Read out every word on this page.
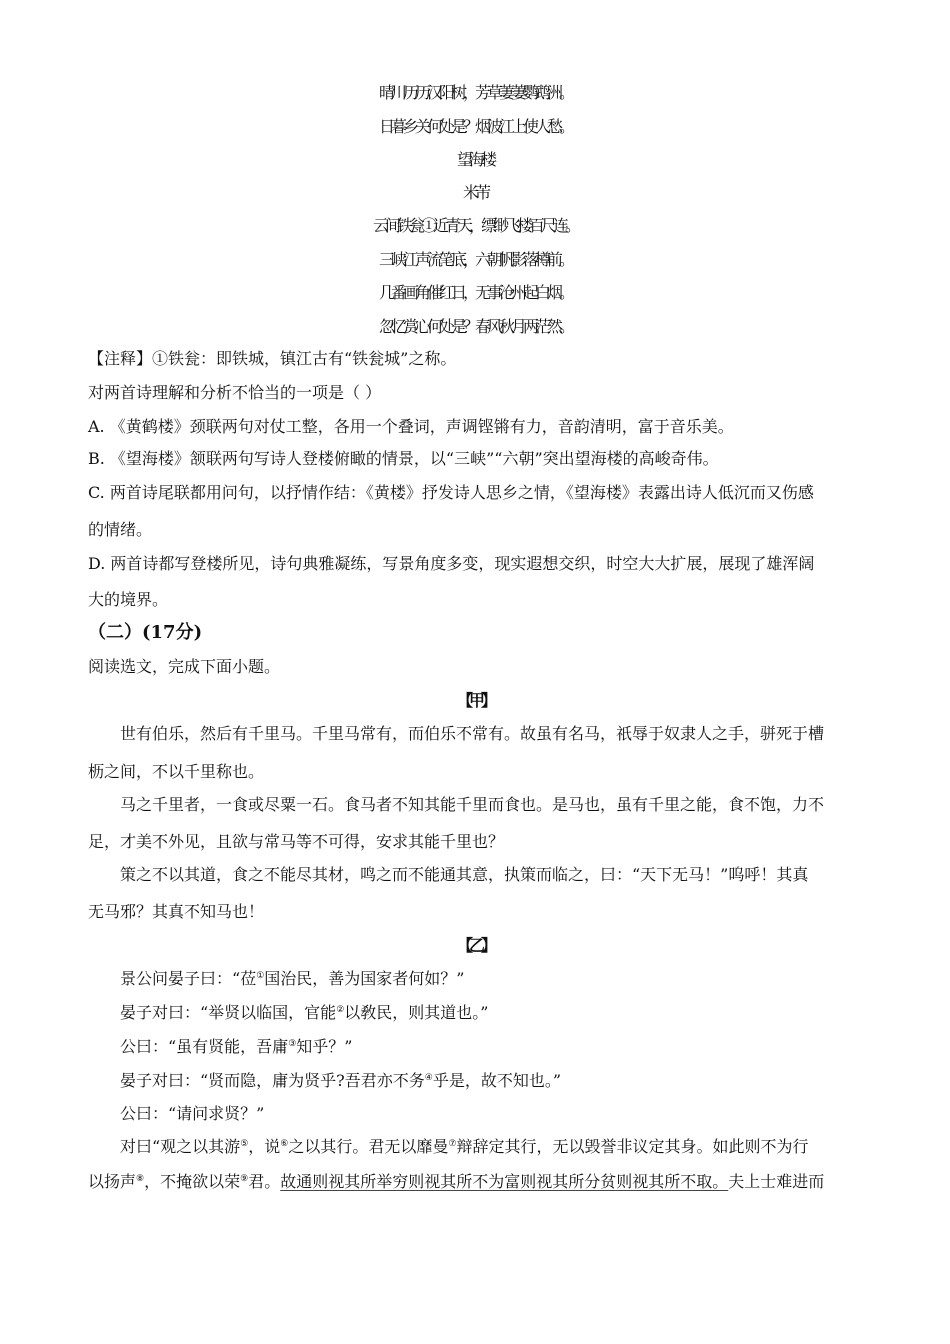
晴川历历汉阳树，芳草萋萋鹦鹉洲。
日暮乡关何处是？烟波江上使人愁。
望海楼
米芾
云间铁瓮①近青天，缥缈飞楼百尺连。
三峡江声流笔底，六朝帆影落樽前。
几番画角催红日，无事沧州起白烟。
忽忆赏心何处是？春风秋月两茫然。
【注释】①铁瓮：即铁城，镇江古有“铁瓮城”之称。
对两首诗理解和分析不恰当的一项是（ ）
A. 《黄鹤楼》颈联两句对仗工整，各用一个叠词，声调铿锵有力，音韵清明，富于音乐美。
B. 《望海楼》颔联两句写诗人登楼俯瞰的情景，以“三峡”“六朝”突出望海楼的高峻奇伟。
C. 两首诗尾联都用问句，以抒情作结：《黄楼》抒发诗人思乡之情，《望海楼》表露出诗人低沉而又伤感
的情绪。
D. 两首诗都写登楼所见，诗句典雅凝练，写景角度多变，现实遐想交织，时空大大扩展，展现了雄浑阔
大的境界。
（二）(17分)
阅读选文，完成下面小题。
【甲】
世有伯乐，然后有千里马。千里马常有，而伯乐不常有。故虽有名马，祇辱于奴隶人之手，骈死于槽
枥之间，不以千里称也。
马之千里者，一食或尽粟一石。食马者不知其能千里而食也。是马也，虽有千里之能，食不饱，力不
足，才美不外见，且欲与常马等不可得，安求其能千里也？
策之不以其道，食之不能尽其材，鸣之而不能通其意，执策而临之，曰：“天下无马！”呜呼！其真
无马邪？其真不知马也！
【乙】
景公问晏子曰：“莅①国治民，善为国家者何如？”
晏子对曰：“举贤以临国，官能②以敎民，则其道也。”
公曰：“虽有贤能，吾庸③知乎？”
晏子对曰：“贤而隐，庸为贤乎?吾君亦不务④乎是，故不知也。”
公曰：“请问求贤？”
对曰“观之以其游⑤，说⑥之以其行。君无以靡曼⑦辩辞定其行，无以毁誉非议定其身。如此则不为行
以扬声⑧，不掩欲以荣⑨君。故通则视其所举穷则视其所不为富则视其所分贫则视其所不取。夫上士难进而
